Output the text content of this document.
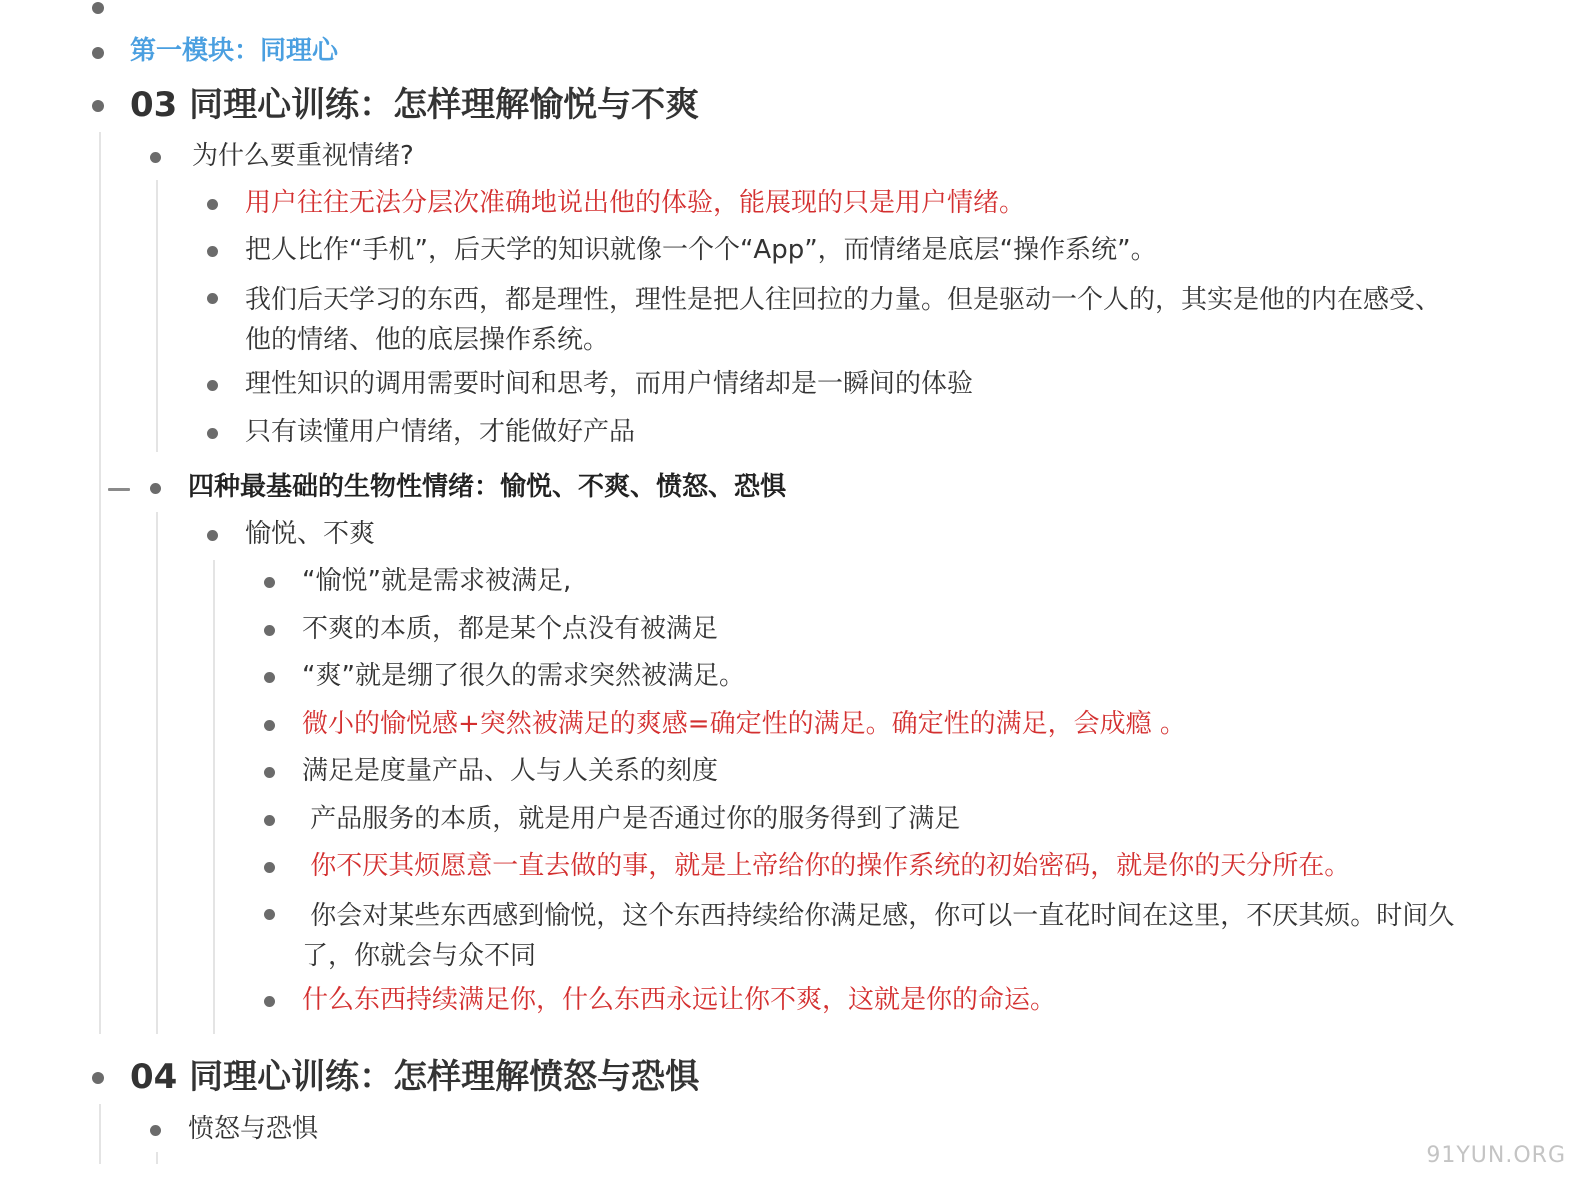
第一模块：同理心
03 同理心训练：怎样理解愉悦与不爽
为什么要重视情绪?
用户往往无法分层次准确地说出他的体验，能展现的只是用户情绪。
把人比作“手机”，后天学的知识就像一个个“App”，而情绪是底层“操作系统”。
我们后天学习的东西，都是理性，理性是把人往回拉的力量。但是驱动一个人的，其实是他的内在感受、他的情绪、他的底层操作系统。
理性知识的调用需要时间和思考，而用户情绪却是一瞬间的体验
只有读懂用户情绪，才能做好产品
四种最基础的生物性情绪：愉悦、不爽、愤怒、恐惧
愉悦、不爽
“愉悦”就是需求被满足,
不爽的本质，都是某个点没有被满足
“爽”就是绷了很久的需求突然被满足。
微小的愉悦感+突然被满足的爽感=确定性的满足。确定性的满足，会成瘾 。
满足是度量产品、人与人关系的刻度
产品服务的本质，就是用户是否通过你的服务得到了满足
你不厌其烦愿意一直去做的事，就是上帝给你的操作系统的初始密码，就是你的天分所在。
你会对某些东西感到愉悦，这个东西持续给你满足感，你可以一直花时间在这里，不厌其烦。时间久了，你就会与众不同
什么东西持续满足你，什么东西永远让你不爽，这就是你的命运。
04 同理心训练：怎样理解愤怒与恐惧
愤怒与恐惧
91YUN.ORG
